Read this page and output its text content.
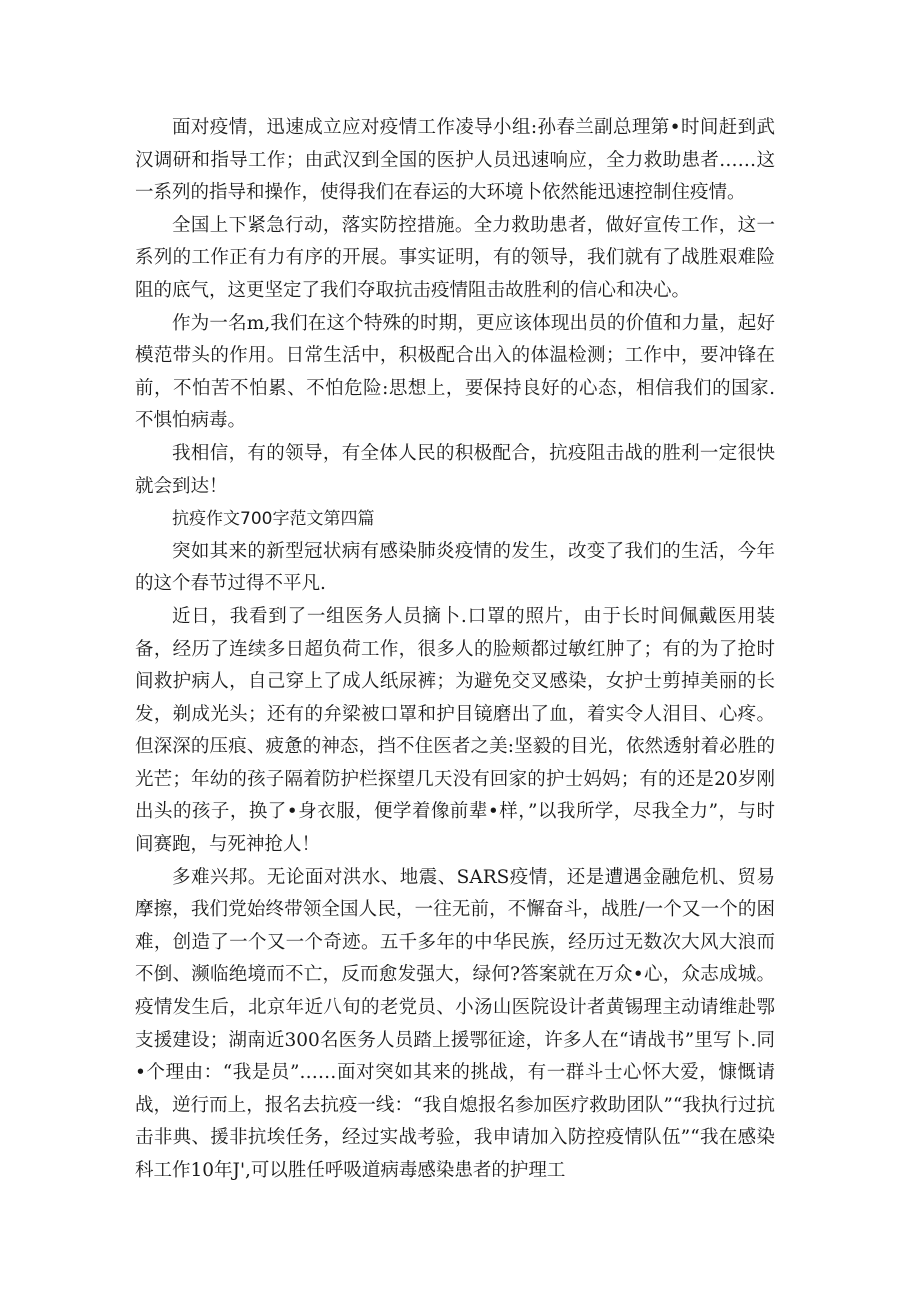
面对疫情，迅速成立应对疫情工作凌导小组:孙春兰副总理第•时间赶到武汉调研和指导工作；由武汉到全国的医护人员迅速响应，全力救助患者……这一系列的指导和操作，使得我们在春运的大环境卜依然能迅速控制住疫情。

全国上下紧急行动，落实防控措施。全力救助患者，做好宣传工作，这一系列的工作正有力有序的开展。事实证明，有的领导，我们就有了战胜艰难险阻的底气，这更坚定了我们夺取抗击疫情阻击故胜利的信心和决心。

作为一名m,我们在这个特殊的时期，更应该体现出员的价值和力量，起好模范带头的作用。日常生活中，积极配合出入的体温检测；工作中，要冲锋在前，不怕苦不怕累、不怕危险:思想上，要保持良好的心态，相信我们的国家.不惧怕病毒。

我相信，有的领导，有全体人民的积极配合，抗疫阻击战的胜利一定很快就会到达！

抗疫作文700字范文第四篇

突如其来的新型冠状病有感染肺炎疫情的发生，改变了我们的生活，今年的这个春节过得不平凡.

近日，我看到了一组医务人员摘卜.口罩的照片，由于长时间佩戴医用装备，经历了连续多日超负荷工作，很多人的脸颊都过敏红肿了；有的为了抢时间救护病人，自己穿上了成人纸尿裤；为避免交叉感染，女护士剪掉美丽的长发，剃成光头；还有的弁梁被口罩和护目镜磨出了血，着实令人泪目、心疼。但深深的压痕、疲惫的神态，挡不住医者之美:坚毅的目光，依然透射着必胜的光芒；年幼的孩子隔着防护栏探望几天没有回家的护士妈妈；有的还是20岁刚出头的孩子，换了•身衣服，便学着像前辈•样，”以我所学，尽我全力”，与时间赛跑，与死神抢人！

多难兴邦。无论面对洪水、地震、SARS疫情，还是遭遇金融危机、贸易摩擦，我们党始终带领全国人民，一往无前，不懈奋斗，战胜/一个又一个的困难，创造了一个又一个奇迹。五千多年的中华民族，经历过无数次大风大浪而不倒、濒临绝境而不亡，反而愈发强大，绿何?答案就在万众•心，众志成城。疫情发生后，北京年近八旬的老党员、小汤山医院设计者黄锡理主动请维赴鄂支援建设；湖南近300名医务人员踏上援鄂征途，许多人在“请战书”里写卜.同•个理由：“我是员”……面对突如其来的挑战，有一群斗士心怀大爱，慷慨请战，逆行而上，报名去抗疫一线：“我自熄报名参加医疗救助团队”“我执行过抗击非典、援非抗埃任务，经过实战考验，我申请加入防控疫情队伍”“我在感染科工作10年J',可以胜任呼吸道病毒感染患者的护理工
